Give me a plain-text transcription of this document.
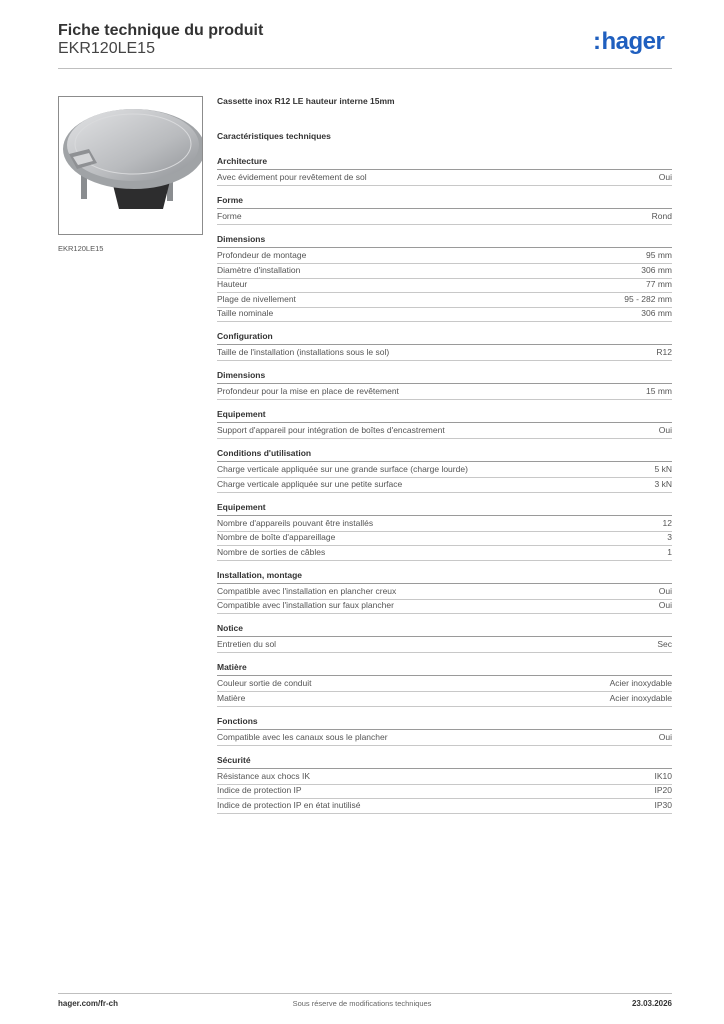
Fiche technique du produit
EKR120LE15	:hager
EKR120LE15
Cassette inox R12 LE hauteur interne 15mm
Caractéristiques techniques
Architecture
Avec évidement pour revêtement de sol	Oui
Forme
Forme	Rond
Dimensions
Profondeur de montage	95 mm
Diamètre d'installation	306 mm
Hauteur	77 mm
Plage de nivellement	95 - 282 mm
Taille nominale	306 mm
Configuration
Taille de l'installation (installations sous le sol)	R12
Dimensions
Profondeur pour la mise en place de revêtement	15 mm
Equipement
Support d'appareil pour intégration de boîtes d'encastrement	Oui
Conditions d'utilisation
Charge verticale appliquée sur une grande surface (charge lourde)	5 kN
Charge verticale appliquée sur une petite surface	3 kN
Equipement
Nombre d'appareils pouvant être installés	12
Nombre de boîte d'appareillage	3
Nombre de sorties de câbles	1
Installation, montage
Compatible avec l'installation en plancher creux	Oui
Compatible avec l'installation sur faux plancher	Oui
Notice
Entretien du sol	Sec
Matière
Couleur sortie de conduit	Acier inoxydable
Matière	Acier inoxydable
Fonctions
Compatible avec les canaux sous le plancher	Oui
Sécurité
Résistance aux chocs IK	IK10
Indice de protection IP	IP20
Indice de protection IP en état inutilisé	IP30
hager.com/fr-ch	Sous réserve de modifications techniques	23.03.2026
